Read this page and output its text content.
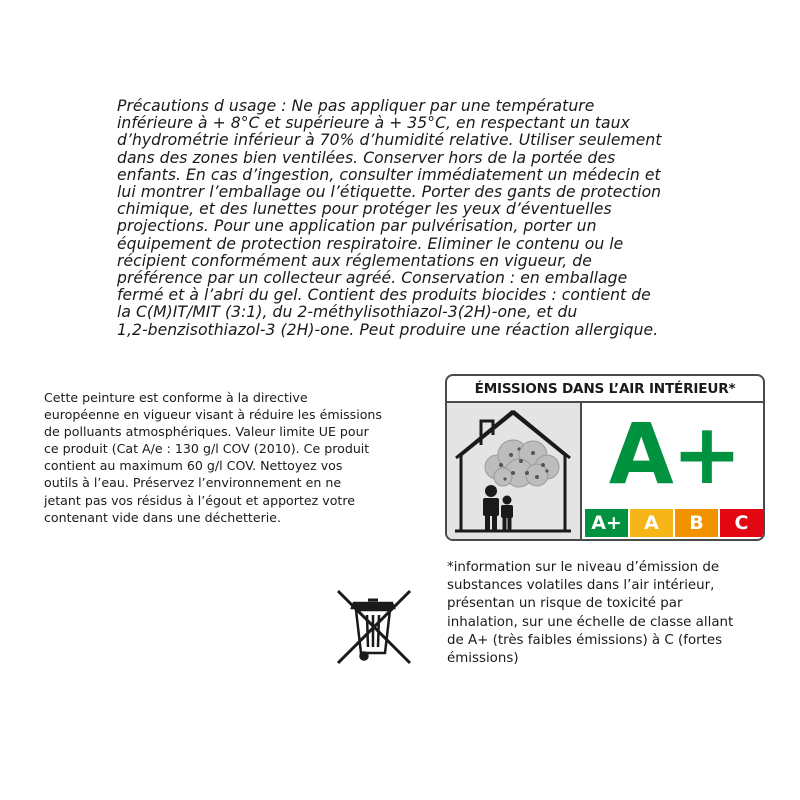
Précautions d usage : Ne pas appliquer par une température
inférieure à + 8°C et supérieure à + 35°C, en respectant un taux
d’hydrométrie inférieur à 70% d’humidité relative. Utiliser seulement
dans des zones bien ventilées. Conserver hors de la portée des
enfants. En cas d’ingestion, consulter immédiatement un médecin et
lui montrer l’emballage ou l’étiquette. Porter des gants de protection
chimique, et des lunettes pour protéger les yeux d’éventuelles
projections. Pour une application par pulvérisation, porter un
équipement de protection respiratoire. Eliminer le contenu ou le
récipient conformément aux réglementations en vigueur, de
préférence par un collecteur agréé. Conservation : en emballage
fermé et à l’abri du gel. Contient des produits biocides : contient de
la C(M)IT/MIT (3:1), du 2-méthylisothiazol-3(2H)-one, et du
1,2-benzisothiazol-3 (2H)-one. Peut produire une réaction allergique.
Cette peinture est conforme à la directive
européenne en vigueur visant à réduire les émissions
de polluants atmosphériques. Valeur limite UE pour
ce produit (Cat A/e : 130 g/l COV (2010). Ce produit
contient au maximum 60 g/l COV. Nettoyez vos
outils à l’eau. Préservez l’environnement en ne
jetant pas vos résidus à l’égout et apportez votre
contenant vide dans une déchetterie.
ÉMISSIONS DANS L’AIR INTÉRIEUR*
A+
A+	A	B	C
*information sur le niveau d’émission de
substances volatiles dans l’air intérieur,
présentan un risque de toxicité par
inhalation, sur une échelle de classe allant
de A+ (très faibles émissions) à C (fortes
émissions)
